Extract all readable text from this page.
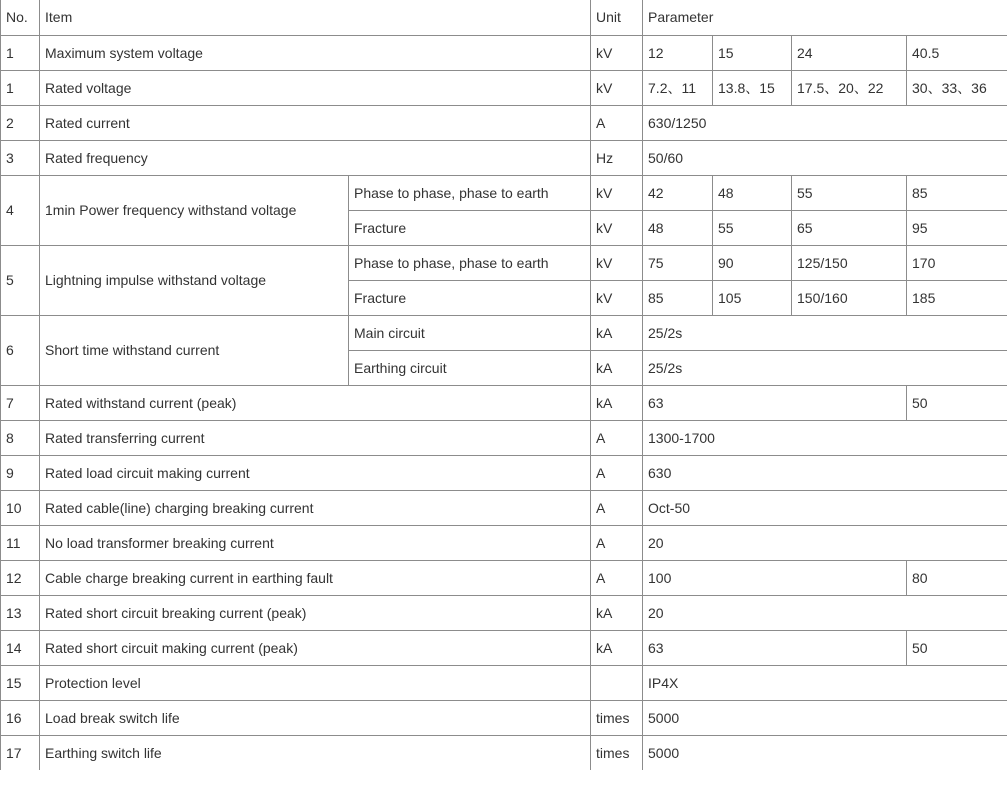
No.	Item		Unit	Parameter			
1	Maximum system voltage		kV	12	15	24	40.5
1	Rated voltage		kV	7.2、11	13.8、15	17.5、20、22	30、33、36
2	Rated current		A	630/1250			
3	Rated frequency		Hz	50/60			
4	1min Power frequency withstand voltage	Phase to phase, phase to earth	kV	42	48	55	85
		Fracture	kV	48	55	65	95
5	Lightning impulse withstand voltage	Phase to phase, phase to earth	kV	75	90	125/150	170
		Fracture	kV	85	105	150/160	185
6	Short time withstand current	Main circuit	kA	25/2s			
		Earthing circuit	kA	25/2s			
7	Rated withstand current (peak)		kA	63			50
8	Rated transferring current		A	1300-1700			
9	Rated load circuit making current		A	630			
10	Rated cable(line) charging breaking current		A	Oct-50			
11	No load transformer breaking current		A	20			
12	Cable charge breaking current in earthing fault		A	100			80
13	Rated short circuit breaking current (peak)		kA	20			
14	Rated short circuit making current (peak)		kA	63			50
15	Protection level			IP4X			
16	Load break switch life		times	5000			
17	Earthing switch life		times	5000			
